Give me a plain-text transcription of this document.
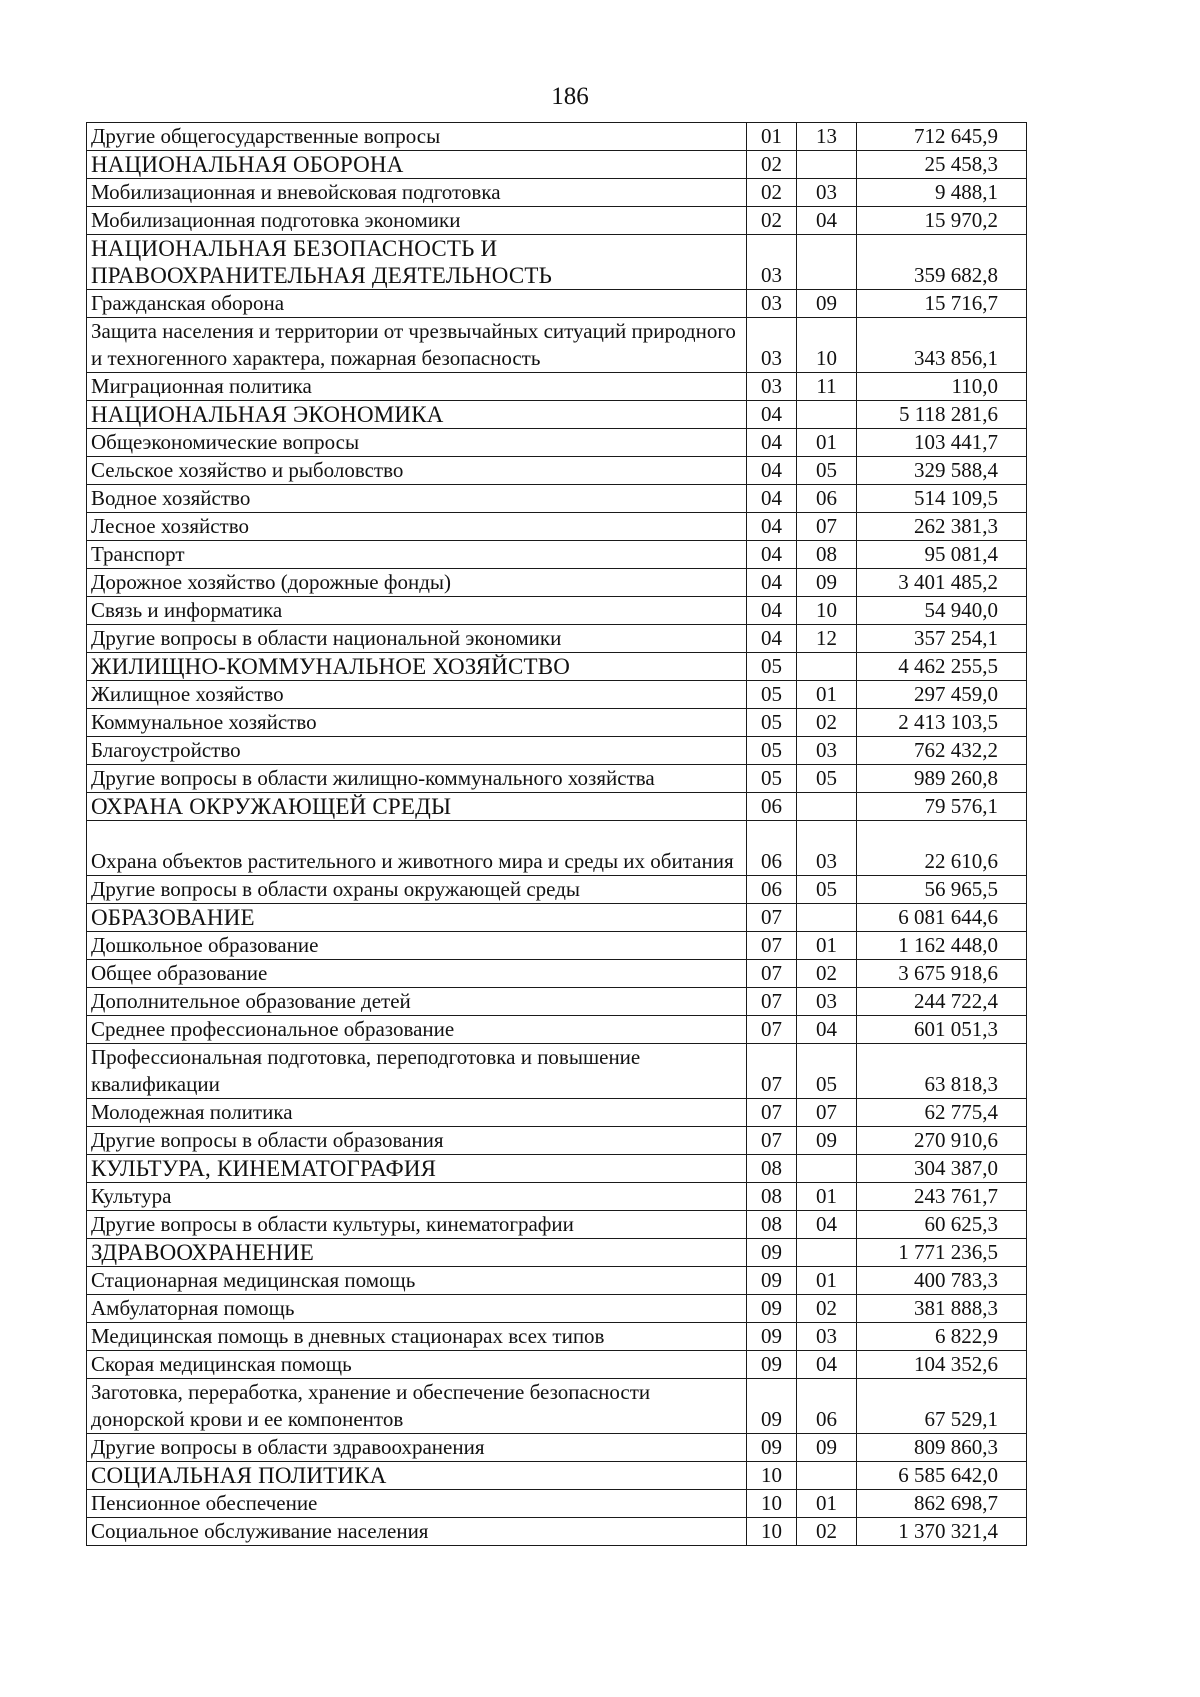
186
Другие общегосударственные вопросы	01	13	712 645,9
НАЦИОНАЛЬНАЯ ОБОРОНА	02		25 458,3
Мобилизационная и вневойсковая подготовка	02	03	9 488,1
Мобилизационная подготовка экономики	02	04	15 970,2
НАЦИОНАЛЬНАЯ БЕЗОПАСНОСТЬ И ПРАВООХРАНИТЕЛЬНАЯ ДЕЯТЕЛЬНОСТЬ	03		359 682,8
Гражданская оборона	03	09	15 716,7
Защита населения и территории от чрезвычайных ситуаций природного и техногенного характера, пожарная безопасность	03	10	343 856,1
Миграционная политика	03	11	110,0
НАЦИОНАЛЬНАЯ ЭКОНОМИКА	04		5 118 281,6
Общеэкономические вопросы	04	01	103 441,7
Сельское хозяйство и рыболовство	04	05	329 588,4
Водное хозяйство	04	06	514 109,5
Лесное хозяйство	04	07	262 381,3
Транспорт	04	08	95 081,4
Дорожное хозяйство (дорожные фонды)	04	09	3 401 485,2
Связь и информатика	04	10	54 940,0
Другие вопросы в области национальной экономики	04	12	357 254,1
ЖИЛИЩНО-КОММУНАЛЬНОЕ ХОЗЯЙСТВО	05		4 462 255,5
Жилищное хозяйство	05	01	297 459,0
Коммунальное хозяйство	05	02	2 413 103,5
Благоустройство	05	03	762 432,2
Другие вопросы в области жилищно-коммунального хозяйства	05	05	989 260,8
ОХРАНА ОКРУЖАЮЩЕЙ СРЕДЫ	06		79 576,1
Охрана объектов растительного и животного мира и среды их обитания	06	03	22 610,6
Другие вопросы в области охраны окружающей среды	06	05	56 965,5
ОБРАЗОВАНИЕ	07		6 081 644,6
Дошкольное образование	07	01	1 162 448,0
Общее образование	07	02	3 675 918,6
Дополнительное образование детей	07	03	244 722,4
Среднее профессиональное образование	07	04	601 051,3
Профессиональная подготовка, переподготовка и повышение квалификации	07	05	63 818,3
Молодежная политика	07	07	62 775,4
Другие вопросы в области образования	07	09	270 910,6
КУЛЬТУРА, КИНЕМАТОГРАФИЯ	08		304 387,0
Культура	08	01	243 761,7
Другие вопросы в области культуры, кинематографии	08	04	60 625,3
ЗДРАВООХРАНЕНИЕ	09		1 771 236,5
Стационарная медицинская помощь	09	01	400 783,3
Амбулаторная помощь	09	02	381 888,3
Медицинская помощь в дневных стационарах всех типов	09	03	6 822,9
Скорая медицинская помощь	09	04	104 352,6
Заготовка, переработка, хранение и обеспечение безопасности донорской крови и ее компонентов	09	06	67 529,1
Другие вопросы в области здравоохранения	09	09	809 860,3
СОЦИАЛЬНАЯ ПОЛИТИКА	10		6 585 642,0
Пенсионное обеспечение	10	01	862 698,7
Социальное обслуживание населения	10	02	1 370 321,4
